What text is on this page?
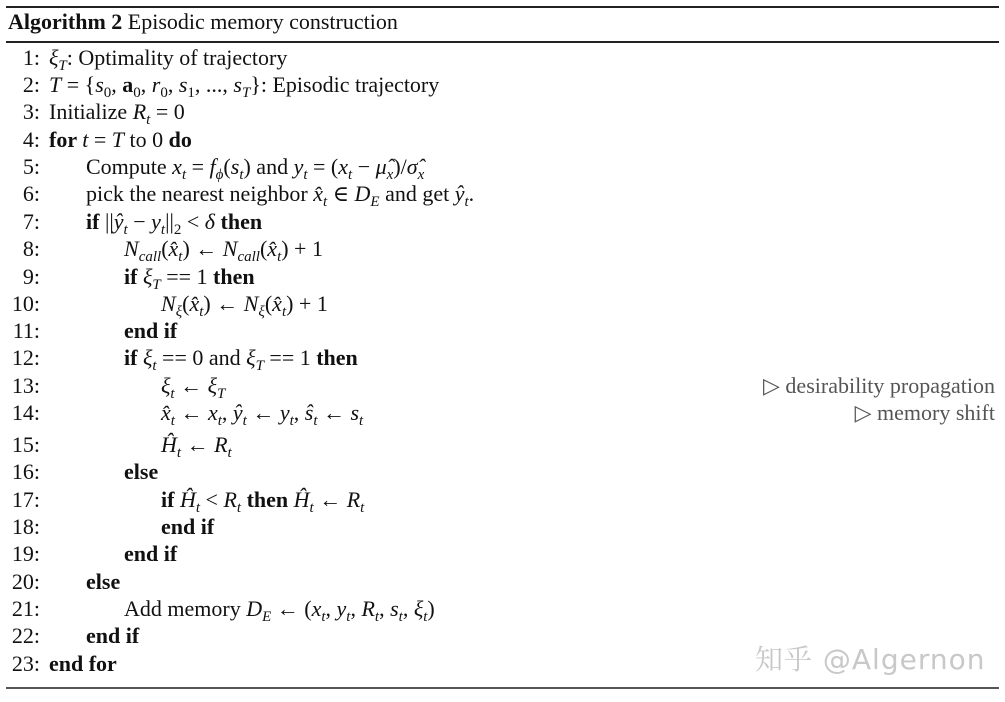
Algorithm 2 Episodic memory construction
1: $\xi_T$: Optimality of trajectory
2: $T = \{s_0$, $a_0$, $r_0$, $s_1$, ..., $s_T$}: Episodic trajectory
3: Initialize $R_t = 0$
4: for t = T to 0 do
5: Compute $x_t = f_\phi(s_t)$ and $y_t = (x_t$ − $\mû_x)/\sigmâ_x$
6: pick the nearest neighbor $x̂_t$ ∈ $D_E$ and get $ŷ_t$.
7: if $||ŷ_t - y_t||_2 < \delta$ then
8:	$N_{call}(x̂_t)$ ← $N_{call}(x̂_t) + 1$
9:	if $\xi_T == 1$ then
10:	$N_\xi(x̂_t)$ ← $N_\xi(x̂_t) + 1$
11:	end if
12:	if $\xi_t == 0$ and $\xi_T == 1$ then
13:	$\xi_t$ ← $\xi_T$	▷ desirability propagation
14:	$x̂_t$ ← $x_t$, $ŷ_t$ ← $y_t$, $ŝ_t$ ← $s_t$	▷ memory shift
15:	$Ĥ_t$ ← $R_t$
16:	else
17:	if $Ĥ_t < R_t$ then $Ĥ_t$ ← $R_t$
18:	end if
19:	end if
20: else
21:	Add memory $D_E$ ← ($x_t$, $y_t$, $R_t$, $s_t$, $\xi_t$)
22: end if
23: end for	知乎 @Algernon
